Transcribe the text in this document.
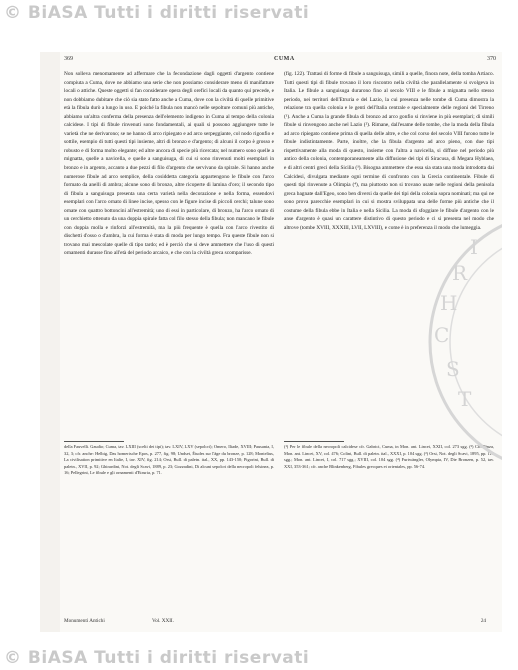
© BiASA Tutti i diritti riservati
369	CUMA	370
Non solleva menomamente ad affermare che la fecondazione dagli oggetti d'argento contiene compiuta a Cuma, dove ne abbiamo una serie che non possiamo considerare meno di manifatture locali o attiche. Queste oggetti si fan considerare opera degli orefici locali da quanto qui precede, e non dobbiamo dubitare che ciò sia stato fatto anche a Cuma, dove con la civiltà di quelle primitive età la fibula durò a lungo in uso. E poiché la fibula non mancò nelle sepolture comuni più antiche, abbiamo un'altra conferma della presenza dell'elemento indigeno in Cuma al tempo della colonia calcidese. I tipi di fibule rinvenuti sono fondamentali, ai quali si possono aggiungere tutte le varietà che ne derivarono; se ne hanno di arco ripiegato e ad arco serpeggiante, col nodo rigonfio e sottile, esempio di tutti questi tipi insieme, altri di bronzo e d'argento; di alcuni il corpo è grosso e robusto e di forma molto elegante; ed altre ancora di specie più ricercata; nel numero sono quelle a mignatta, quelle a navicella, e quelle a sanguisuga, di cui si sono rinvenuti molti esemplari in bronzo e in argento, accanto a due pezzi di filo d'argento che servivano da spirale. Si hanno anche numerose fibule ad arco semplice, della cosiddetta categoria appartengono le fibule con l'arco formato da anelli di ambra; alcune sono di bronzo, altre ricoperte di lamina d'oro; il secondo tipo di fibula a sanguisuga presenta una certa varietà nella decorazione e nella forma, essendovi esemplari con l'arco ornato di linee incise, spesso con le figure incise di piccoli cerchi; talune sono ornate con quattro bottoncini all'estremità; uno di essi in particolare, di bronzo, ha l'arco ornato di un cerchietto ottenuto da una doppia spirale fatta col filo stesso della fibula; non mancano le fibule con doppia molla e rinforzi all'estremità, ma la più frequente è quella con l'arco rivestito di dischetti d'osso o d'ambra, la cui forma è stata di moda per lungo tempo. Fra queste fibule non si trovano mai mescolate quelle di tipo tardo; ed è perciò che si deve ammettere che l'uso di questi ornamenti durasse fino all'età del periodo arcaico, e che con la civiltà greca scomparisse.
(fig. 122). Trattasi di forme di fibule a sanguisuga, simili a quelle, finora note, della tomba Artiaco. Tutti questi tipi di fibule trovano il loro riscontro nella civiltà che parallelamente si svolgeva in Italia. Le fibule a sanguisuga durarono fino al secolo VIII e le fibule a mignatta nello stesso periodo, nei territori dell'Etruria e del Lazio, la cui presenza nelle tombe di Cuma dimostra la relazione tra quella colonia e le genti dell'Italia centrale e specialmente delle regioni del Tirreno (¹). Anche a Cuma la grande fibula di bronzo ad arco gonfio si rinviene in più esemplari; di simili fibule si rinvengono anche nel Lazio (²). Rimane, dall'esame delle tombe, che la moda della fibula ad arco ripiegato contiene prima di quella delle altre, e che col corso del secolo VIII furono tutte le fibule indistintamente. Parte, inoltre, che la fibula d'argento ad arco pieno, con due tipi rispettivamente alla moda di questo, insieme con l'altra a navicella, si diffuse nel periodo più antico della colonia, contemporaneamente alla diffusione dei tipi di Siracusa, di Megara Hyblaea, e di altri centri greci della Sicilia (³). Bisogna ammettere che essa sia stata una moda introdotta dai Calcidesi, divulgata mediante ogni termine di confronto con la Grecia continentale. Fibule di questi tipi rinvenute a Olimpia (⁴), ma piuttosto non si trovano usate nelle regioni della penisola greca bagnate dall'Egeo, sono ben diversi da quelle dei tipi della colonia sopra nominati; ma qui ne sono prova parecchie esemplari in cui si mostra sviluppata una delle forme più antiche che il costume della fibula ebbe in Italia e nella Sicilia. La moda di sfoggiare le fibule d'argento con le anse d'argento è quasi un carattere distintivo di questo periodo e ci si presenta nel modo che altrove (tombe XVIII, XXXIII, LVII, LXVIII), e come è in preferenza il modo che lumeggia.
della Fauvelli. Gaudio; Cuma, tav. LXIII (scelti dei tipi); tav. LXIV, LXV (sepolcri); Omero, Iliade, XVIII; Pausania, I, 32, 3; cfr. anche: Helbig, Das homerische Epos, p. 277, fig. 98; Undset, Études sur l'âge du bronze, p. 128; Montelius, La civilisation primitive en Italie, I, tav. XIV, fig. 214; Orsi, Bull. di paletn. ital., XX, pp. 143-150; Pigorini, Bull. di paletn., XVII, p. 92; Ghirardini, Not. degli Scavi, 1889, p. 23; Gozzadini, Di alcuni sepolcri della necropoli felsinea, p. 16; Pellegrini, Le fibule e gli ornamenti d'Etruria, p. 71.
(¹) Per le fibule della necropoli calcidese cfr. Gabrici, Cuma, in Mon. ant. Lincei, XXII, col. 273 sgg. (²) Cfr. Pinza, Mon. ant. Lincei, XV, col. 476; Colini, Bull. di paletn. ital., XXXI, p. 104 sgg. (³) Orsi, Not. degli Scavi, 1895, pp. 116 sgg.; Mon. ant. Lincei, I, col. 717 sgg.; XVIII, col. 104 sgg. (⁴) Furtwängler, Olympia, IV, Die Bronzen, p. 52, tav. XXI, 353-361; cfr. anche Blinkenberg, Fibules grecques et orientales, pp. 56-74.
Monumenti Antichi	Vol. XXII.	24
C
H
R
I
S
T
© BiASA Tutti i diritti riservati
